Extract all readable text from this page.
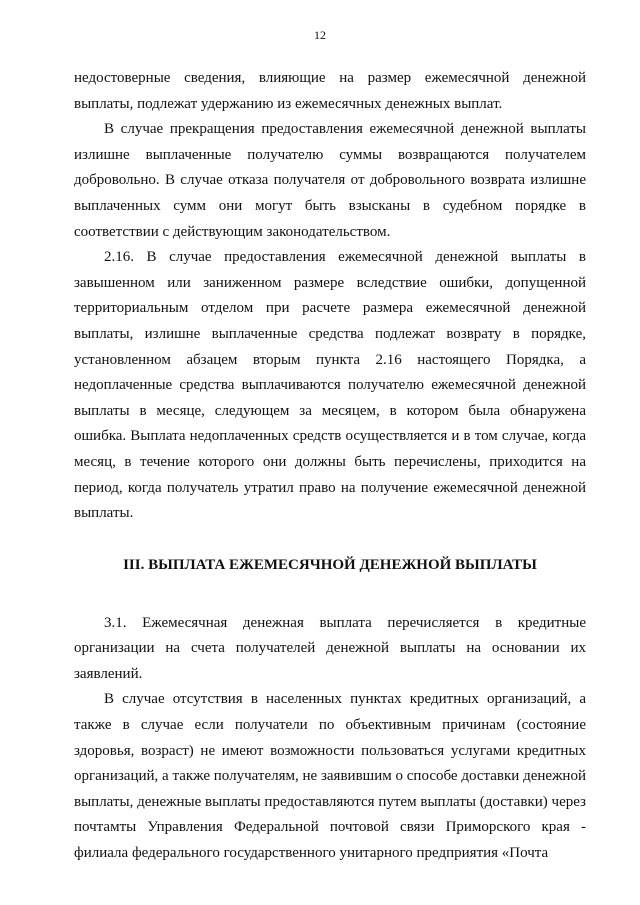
12

недостоверные сведения, влияющие на размер ежемесячной денежной выплаты, подлежат удержанию из ежемесячных денежных выплат.

В случае прекращения предоставления ежемесячной денежной выплаты излишне выплаченные получателю суммы возвращаются получателем добровольно. В случае отказа получателя от добровольного возврата излишне выплаченных сумм они могут быть взысканы в судебном порядке в соответствии с действующим законодательством.

2.16. В случае предоставления ежемесячной денежной выплаты в завышенном или заниженном размере вследствие ошибки, допущенной территориальным отделом при расчете размера ежемесячной денежной выплаты, излишне выплаченные средства подлежат возврату в порядке, установленном абзацем вторым пункта 2.16 настоящего Порядка, а недоплаченные средства выплачиваются получателю ежемесячной денежной выплаты в месяце, следующем за месяцем, в котором была обнаружена ошибка. Выплата недоплаченных средств осуществляется и в том случае, когда месяц, в течение которого они должны быть перечислены, приходится на период, когда получатель утратил право на получение ежемесячной денежной выплаты.

III. ВЫПЛАТА ЕЖЕМЕСЯЧНОЙ ДЕНЕЖНОЙ ВЫПЛАТЫ

3.1. Ежемесячная денежная выплата перечисляется в кредитные организации на счета получателей денежной выплаты на основании их заявлений.

В случае отсутствия в населенных пунктах кредитных организаций, а также в случае если получатели по объективным причинам (состояние здоровья, возраст) не имеют возможности пользоваться услугами кредитных организаций, а также получателям, не заявившим о способе доставки денежной выплаты, денежные выплаты предоставляются путем выплаты (доставки) через почтамты Управления Федеральной почтовой связи Приморского края - филиала федерального государственного унитарного предприятия «Почта
